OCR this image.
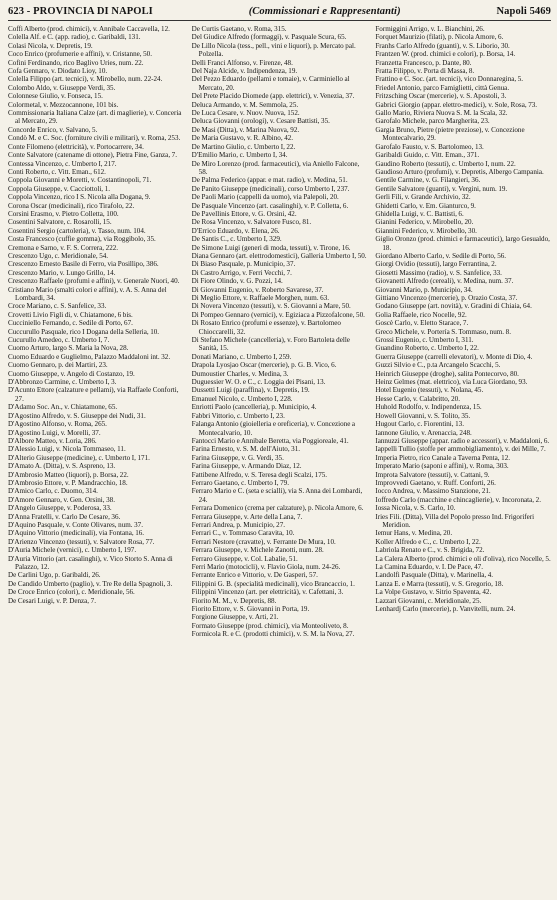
623 - PROVINCIA DI NAPOLI	(Commissionari e Rappresentanti)	Napoli 5469
Coffi Alberto (prod. chimici), v. Annibale Caccavella, 12.
Colella Alf. e C. (app. radio), c. Garibaldi, 131.
Colasi Nicola, v. Depretis, 19.
Coco Enrico (profumerie e affini), v. Cristanne, 50.
Cofini Ferdinando, rico Baglivo Uries, num. 22.
Cofa Gennaro, v. Diodato Lioy, 10.
Colella Filippo (art. tecnici), v. Mirobello, num. 22-24.
Colombo Aldo, v. Giuseppe Verdi, 35.
Colonnese Giulio, v. Fonseca, 15.
Colormetal, v. Mezzocannone, 101 bis.
Commissionaria Italiana Calze (art. di maglierie), v. Conceria al Mercato, 29.
Concorde Enrico, v. Salvano, 5.
Condò M. e C. Soc. (forniture civili e militari), v. Roma, 253.
Conte Filomeno (elettricità), v. Portocarrere, 34.
Conte Salvatore (catename di ottone), Pietra Fine, Ganza, 7.
Contessa Vincenzo, c. Umberto I, 217.
Conti Roberto, c. Vitt. Eman., 612.
Coppola Giovanni e Moretti, v. Costantinopoli, 71.
Coppola Giuseppe, v. Cacciottoli, 1.
Coppola Vincenzo, rico I S. Nicola alla Dogana, 9.
Corona Oscar (medicinali), rico Tirafolo, 22.
Corsini Erasmo, v. Pietro Colletta, 100.
Cosentini Salvatore, c. Rosarolli, 15.
Cosentini Sergio (cartoleria), v. Tasso, num. 104.
Costa Francesco (cuffie gomma), via Roggibolo, 35.
Cremona e Sarno, v. F. S. Correra, 222.
Crescenzo Ugo, c. Meridionale, 54.
Crescenzo Ernesto Basile di Ferro, via Posillipo, 386.
Crescenzo Mario, v. Lungo Grillo, 14.
Crescenzo Raffaele (profumi e affini), v. Generale Nuori, 40.
Cristiano Mario (smalti colori e affini), v. A. S. Anna del Lombardi, 34.
Croce Mariano, c. S. Sanfelice, 33.
Crovetti Livio Figli di, v. Chiatamone, 6 bis.
Cucciniello Fernando, c. Sedile di Porto, 67.
Cuccurullo Pasquale, rico I Dogana della Selleria, 10.
Cucurullo Amedeo, c. Umberto I, 7.
Cuomo Arturo, largo S. Maria la Nova, 28.
Cuomo Eduardo e Guglielmo, Palazzo Maddaloni int. 32.
Cuomo Gennaro, p. dei Martiri, 23.
Cuomo Giuseppe, v. Angelo di Costanzo, 19.
D'Abbronzo Carmine, c. Umberto I, 3.
D'Acunto Ettore (calzature e pellami), via Raffaele Conforti, 27.
D'Adamo Soc. An., v. Chiatamone, 65.
D'Agostino Alfredo, v. S. Giuseppe dei Nudi, 31.
D'Agostino Alfonso, v. Roma, 265.
D'Agostino Luigi, v. Morelli, 37.
D'Albore Matteo, v. Loria, 286.
D'Alessio Luigi, v. Nicola Tommaseo, 11.
D'Alterio Giuseppe (medicine), c. Umberto I, 171.
D'Amato A. (Ditta), v. S. Aspreno, 13.
D'Ambrosio Matteo (liquori), p. Borsa, 22.
D'Ambrosio Ettore, v. P. Mandracchio, 18.
D'Amico Carlo, c. Duomo, 314.
D'Amore Gennaro, v. Gen. Orsini, 38.
D'Angelo Giuseppe, v. Poderosa, 33.
D'Anna Fratelli, v. Carlo De Cesare, 36.
D'Aquino Pasquale, v. Conte Olivares, num. 37.
D'Aquino Vittorio (medicinali), via Fontana, 16.
D'Arienzo Vincenzo (tessuti), v. Salvatore Rosa, 77.
D'Auria Michele (vernici), c. Umberto I, 197.
D'Auria Vittorio (art. casalinghi), v. Vico Storto S. Anna di Palazzo, 12.
De Carlini Ugo, p. Garibaldi, 26.
De Candido Umberto (paglio), v. Tre Re della Spagnoli, 3.
De Croce Enrico (colori), c. Meridionale, 56.
De Cesari Luigi, v. P. Denza, 7.
De Curtis Gaetano, v. Roma, 315.
Del Giudice Alfredo (formaggi), v. Pasquale Scura, 65.
De Lillo Nicola (tess., pell., vini e liquori), p. Mercato pal. Polzella.
Delli Franci Alfonso, v. Firenze, 48.
Del Naja Alcide, v. Indipendenza, 19.
Del Pezzo Eduardo (pellami e tomaie), v. Carminiello al Mercato, 20.
Del Prete Placido Diomede (app. elettrici), v. Venezia, 37.
Deluca Armando, v. M. Semmola, 25.
De Luca Cesare, v. Nuov. Nuova, 152.
Deluca Giovanni (orologi), v. Cesare Battisti, 35.
De Masi (Ditta), v. Marina Nuova, 92.
De Maria Gustavo, v. R. Albino, 42.
De Martino Giulio, c. Umberto I, 22.
D'Emilio Mario, c. Umberto I, 34.
De Miro Lorenzo (prod. farmaceutici), via Aniello Falcone, 58.
De Palma Federico (appar. e mat. radio), v. Medina, 51.
De Panito Giuseppe (medicinali), corso Umberto I, 237.
De Paoli Mario (cappelli da uomo), via Palepoli, 20.
De Pasquale Vincenzo (art. casalinghi), v. P. Colletta, 6.
De Pavellinis Ettore, v. G. Orsini, 42.
De Rosa Vincenzo, v. Salvatore Fusco, 81.
D'Errico Eduardo, v. Elena, 26.
De Santis C., c. Umberto I, 329.
De Simone Luigi (generi di moda, tessuti), v. Tirone, 16.
Diana Gennaro (art. elettrodomestici), Galleria Umberto I, 50.
Di Biaso Pasquale, p. Municipio, 37.
Di Castro Arrigo, v. Ferri Vecchi, 7.
Di Fiore Olindo, v. G. Pozzi, 14.
Di Giovanni Eugenio, v. Roberto Savarese, 37.
Di Meglio Ettore, v. Raffaele Morghen, num. 63.
Di Novera Vincenzo (tessuti), v. S. Giovanni a Mare, 50.
Di Pompeo Gennaro (vernici), v. Egiziaca a Pizzofalcone, 50.
Di Rosato Enrico (profumi e essenze), v. Bartolomeo Chioccarelli, 32.
Di Stefano Michele (cancelleria), v. Foro Bartoleta delle Sanità, 15.
Donati Mariano, c. Umberto I, 259.
Drapola Lyosjao Oscar (mercerie), p. G. B. Vico, 6.
Dumoustier Charles, v. Medina, 3.
Duguessier W. O. e C., c. Loggia dei Pisani, 13.
Dussetti Luigi (paraffina), v. Depretis, 19.
Emanuel Nicolo, c. Umberto I, 228.
Enriotti Paolo (cancelleria), p. Municipio, 4.
Fabbri Vittorio, c. Umberto I, 23.
Falanga Antonio (gioielleria e oreficeria), v. Concezione a Montecalvario, 10.
Fantocci Mario e Annibale Beretta, via Poggioreale, 41.
Farina Ernesto, v. S. M. dell'Aiuto, 31.
Farina Giuseppe, v. G. Verdi, 35.
Farina Giuseppe, v. Armando Diaz, 12.
Fattibene Alfredo, v. S. Teresa degli Scalzi, 175.
Ferraro Gaetano, c. Umberto I, 79.
Ferraro Mario e C. (seta e scialli), via S. Anna dei Lombardi, 24.
Ferrara Domenico (crema per calzature), p. Nicola Amore, 6.
Ferrara Giuseppe, v. Arte della Lana, 7.
Ferrari Andrea, p. Municipio, 27.
Ferrari C., v. Tommaso Caravita, 10.
Ferrari Nestore (cravatte), v. Ferrante De Mura, 10.
Ferrara Giuseppe, v. Michele Zanotti, num. 28.
Ferraro Giuseppe, v. Col. Labalie, 51.
Ferri Mario (motocicli), v. Flavio Giola, num. 24-26.
Ferrante Enrico e Vittorio, v. De Gasperi, 57.
Filippini G. B. (specialità medicinali), vico Brancaccio, 1.
Filippini Vincenzo (art. per elettricità), v. Cafettani, 3.
Fiorito M. M., v. Depretis, 88.
Fiorito Ettore, v. S. Giovanni in Porta, 19.
Forgione Giuseppe, v. Arti, 21.
Formato Giuseppe (prod. chimici), via Monteoliveto, 8.
Formicola R. e C. (prodotti chimici), v. S. M. la Nova, 27.
Formiggini Arrigo, v. L. Bianchini, 26.
Forquet Maurizio (filati), p. Nicola Amore, 6.
Franhs Carlo Alfredo (guanti), v. S. Liborio, 30.
Frantzen W. (prod. chimici e colori), p. Borsa, 14.
Franzetta Francesco, p. Dante, 80.
Fratta Filippo, v. Porta di Massa, 8.
Frattino e C. Soc. (art. tecnici), vico Donnaregina, 5.
Friedel Antonio, parco Famiglietti, città Genua.
Fritzsching Oscar (mercerie), v. S. Apostoli, 3.
Gabrici Giorgio (appar. elettro-medici), v. Sole, Rosa, 73.
Gallo Mario, Riviera Nuova S. M. la Scala, 32.
Garofalo Michele, parco Margherita, 23.
Gargia Bruno, Pietre (pietre preziose), v. Concezione Montecalvario, 29.
Garofalo Fausto, v. S. Bartolomeo, 13.
Garibaldi Guido, c. Vitt. Eman., 371.
Gaudino Roberto (tessuti), c. Umberto I, num. 22.
Gaudioso Arturo (profumi), v. Depretis, Albergo Campania.
Gentile Carmine, v. G. Filangieri, 36.
Gentile Salvatore (guanti), v. Vergini, num. 19.
Gerli Fili, v. Grande Archivio, 32.
Ghidetti Carlo, v. Em. Gianturco, 9.
Ghidella Luigi, v. C. Battisti, 6.
Gianini Federico, v. Mirobello, 20.
Giannini Federico, v. Mirobello, 30.
Giglio Oronzo (prod. chimici e farmaceutici), largo Gesualdo, 18.
Giordano Alberto Carlo, v. Sedile di Porto, 56.
Giorgi Ovidio (tessuti), largo Ferrantina, 2.
Giosetti Massimo (radio), v. S. Sanfelice, 33.
Giovanetti Alfredo (cereali), v. Medina, num. 37.
Giovanni Mario, p. Municipio, 34.
Gittiano Vincenzo (mercerie), p. Orazio Costa, 37.
Godano Giuseppe (art. novità), v. Gradini di Chiaia, 64.
Golia Raffaele, rico Nocelle, 92.
Goscè Carlo, v. Eletto Starace, 7.
Greco Michele, v. Portería S. Tommaso, num. 8.
Grossi Eugenio, c. Umberto I, 311.
Guandino Roberto, c. Umberto I, 22.
Guerra Giuseppe (carrelli elevatori), v. Monte di Dio, 4.
Guzzi Silvio e C., p.ta Arcangelo Scacchi, 5.
Heinrich Giuseppe (droghe), salita Pontecorvo, 80.
Heinz Gelmes (mat. elettrico), via Luca Giordano, 93.
Hotel Eugenio (tessuti), v. Nolana, 45.
Hesse Carlo, v. Calabritto, 20.
Huhold Rodolfo, v. Indipendenza, 15.
Howell Giovanni, v. S. Tolito, 35.
Hugout Carlo, c. Fiorentini, 13.
Iannone Giulio, v. Arenaccia, 248.
Iannuzzi Giuseppe (appar. radio e accessori), v. Maddaloni, 6.
Iappelli Tullio (stoffe per ammobigliamento), v. dei Mille, 7.
Imperia Pietro, rico Canale a Taverna Penta, 12.
Imperato Mario (saponi e affini), v. Roma, 303.
Improta Salvatore (tessuti), v. Cattani, 9.
Improvvedi Gaetano, v. Ruff. Conforti, 26.
Iocco Andrea, v. Massimo Stanzione, 21.
Ioffredo Carlo (macchine e chincaglierie), v. Incoronata, 2.
Iossa Nicola, v. S. Carlo, 10.
Iries Fili. (Ditta), Villa del Popolo presso Ind. Frigoriferi Meridion.
Iemur Hans, v. Medina, 20.
Koller Alfredo e C., c. Umberto I, 22.
Labriola Renato e C., v. S. Brigida, 72.
La Calera Alberto (prod. chimici e oli d'oliva), rico Nocelle, 5.
La Camina Eduardo, v. I. De Pace, 47.
Landolfi Pasquale (Ditta), v. Marinella, 4.
Lanza E. e Marra (tessuti), v. S. Gregorio, 18.
La Volpe Gustavo, v. Sitrio Spaventa, 42.
Lazzari Giovanni, c. Meridionale, 25.
Lenhardj Carlo (mercerie), p. Vanvitelli, num. 24.
